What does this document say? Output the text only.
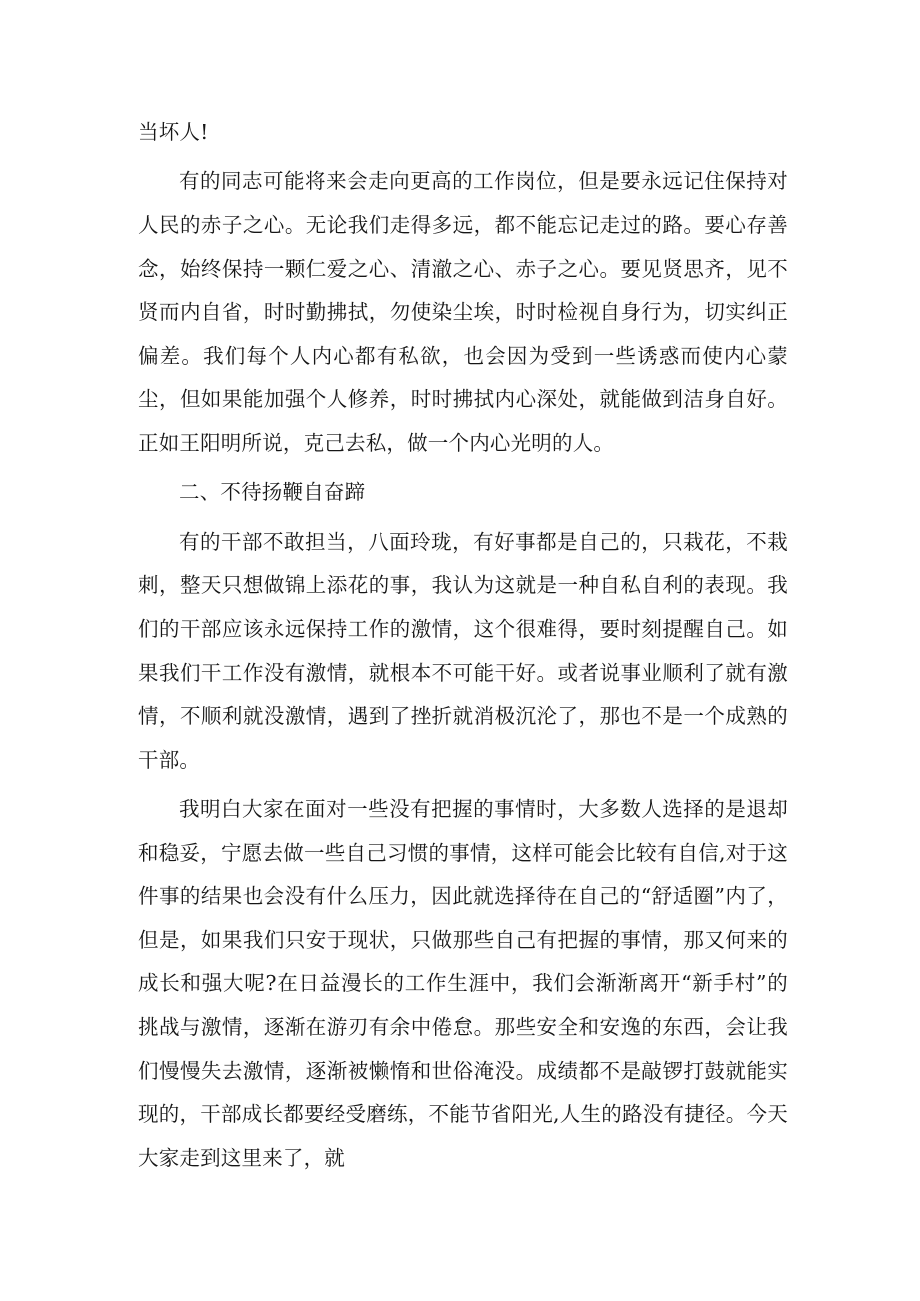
当坏人!

有的同志可能将来会走向更高的工作岗位，但是要永远记住保持对人民的赤子之心。无论我们走得多远，都不能忘记走过的路。要心存善念，始终保持一颗仁爱之心、清澈之心、赤子之心。要见贤思齐，见不贤而内自省，时时勤拂拭，勿使染尘埃，时时检视自身行为，切实纠正偏差。我们每个人内心都有私欲，也会因为受到一些诱惑而使内心蒙尘，但如果能加强个人修养，时时拂拭内心深处，就能做到洁身自好。正如王阳明所说，克己去私，做一个内心光明的人。

二、不待扬鞭自奋蹄

有的干部不敢担当，八面玲珑，有好事都是自己的，只栽花，不栽刺，整天只想做锦上添花的事，我认为这就是一种自私自利的表现。我们的干部应该永远保持工作的激情，这个很难得，要时刻提醒自己。如果我们干工作没有激情，就根本不可能干好。或者说事业顺利了就有激情，不顺利就没激情，遇到了挫折就消极沉沦了，那也不是一个成熟的干部。

我明白大家在面对一些没有把握的事情时，大多数人选择的是退却和稳妥，宁愿去做一些自己习惯的事情，这样可能会比较有自信,对于这件事的结果也会没有什么压力，因此就选择待在自己的“舒适圈”内了，但是，如果我们只安于现状，只做那些自己有把握的事情，那又何来的成长和强大呢?在日益漫长的工作生涯中，我们会渐渐离开“新手村”的挑战与激情，逐渐在游刃有余中倦怠。那些安全和安逸的东西，会让我们慢慢失去激情，逐渐被懒惰和世俗淹没。成绩都不是敲锣打鼓就能实现的，干部成长都要经受磨练，不能节省阳光,人生的路没有捷径。今天大家走到这里来了，就
